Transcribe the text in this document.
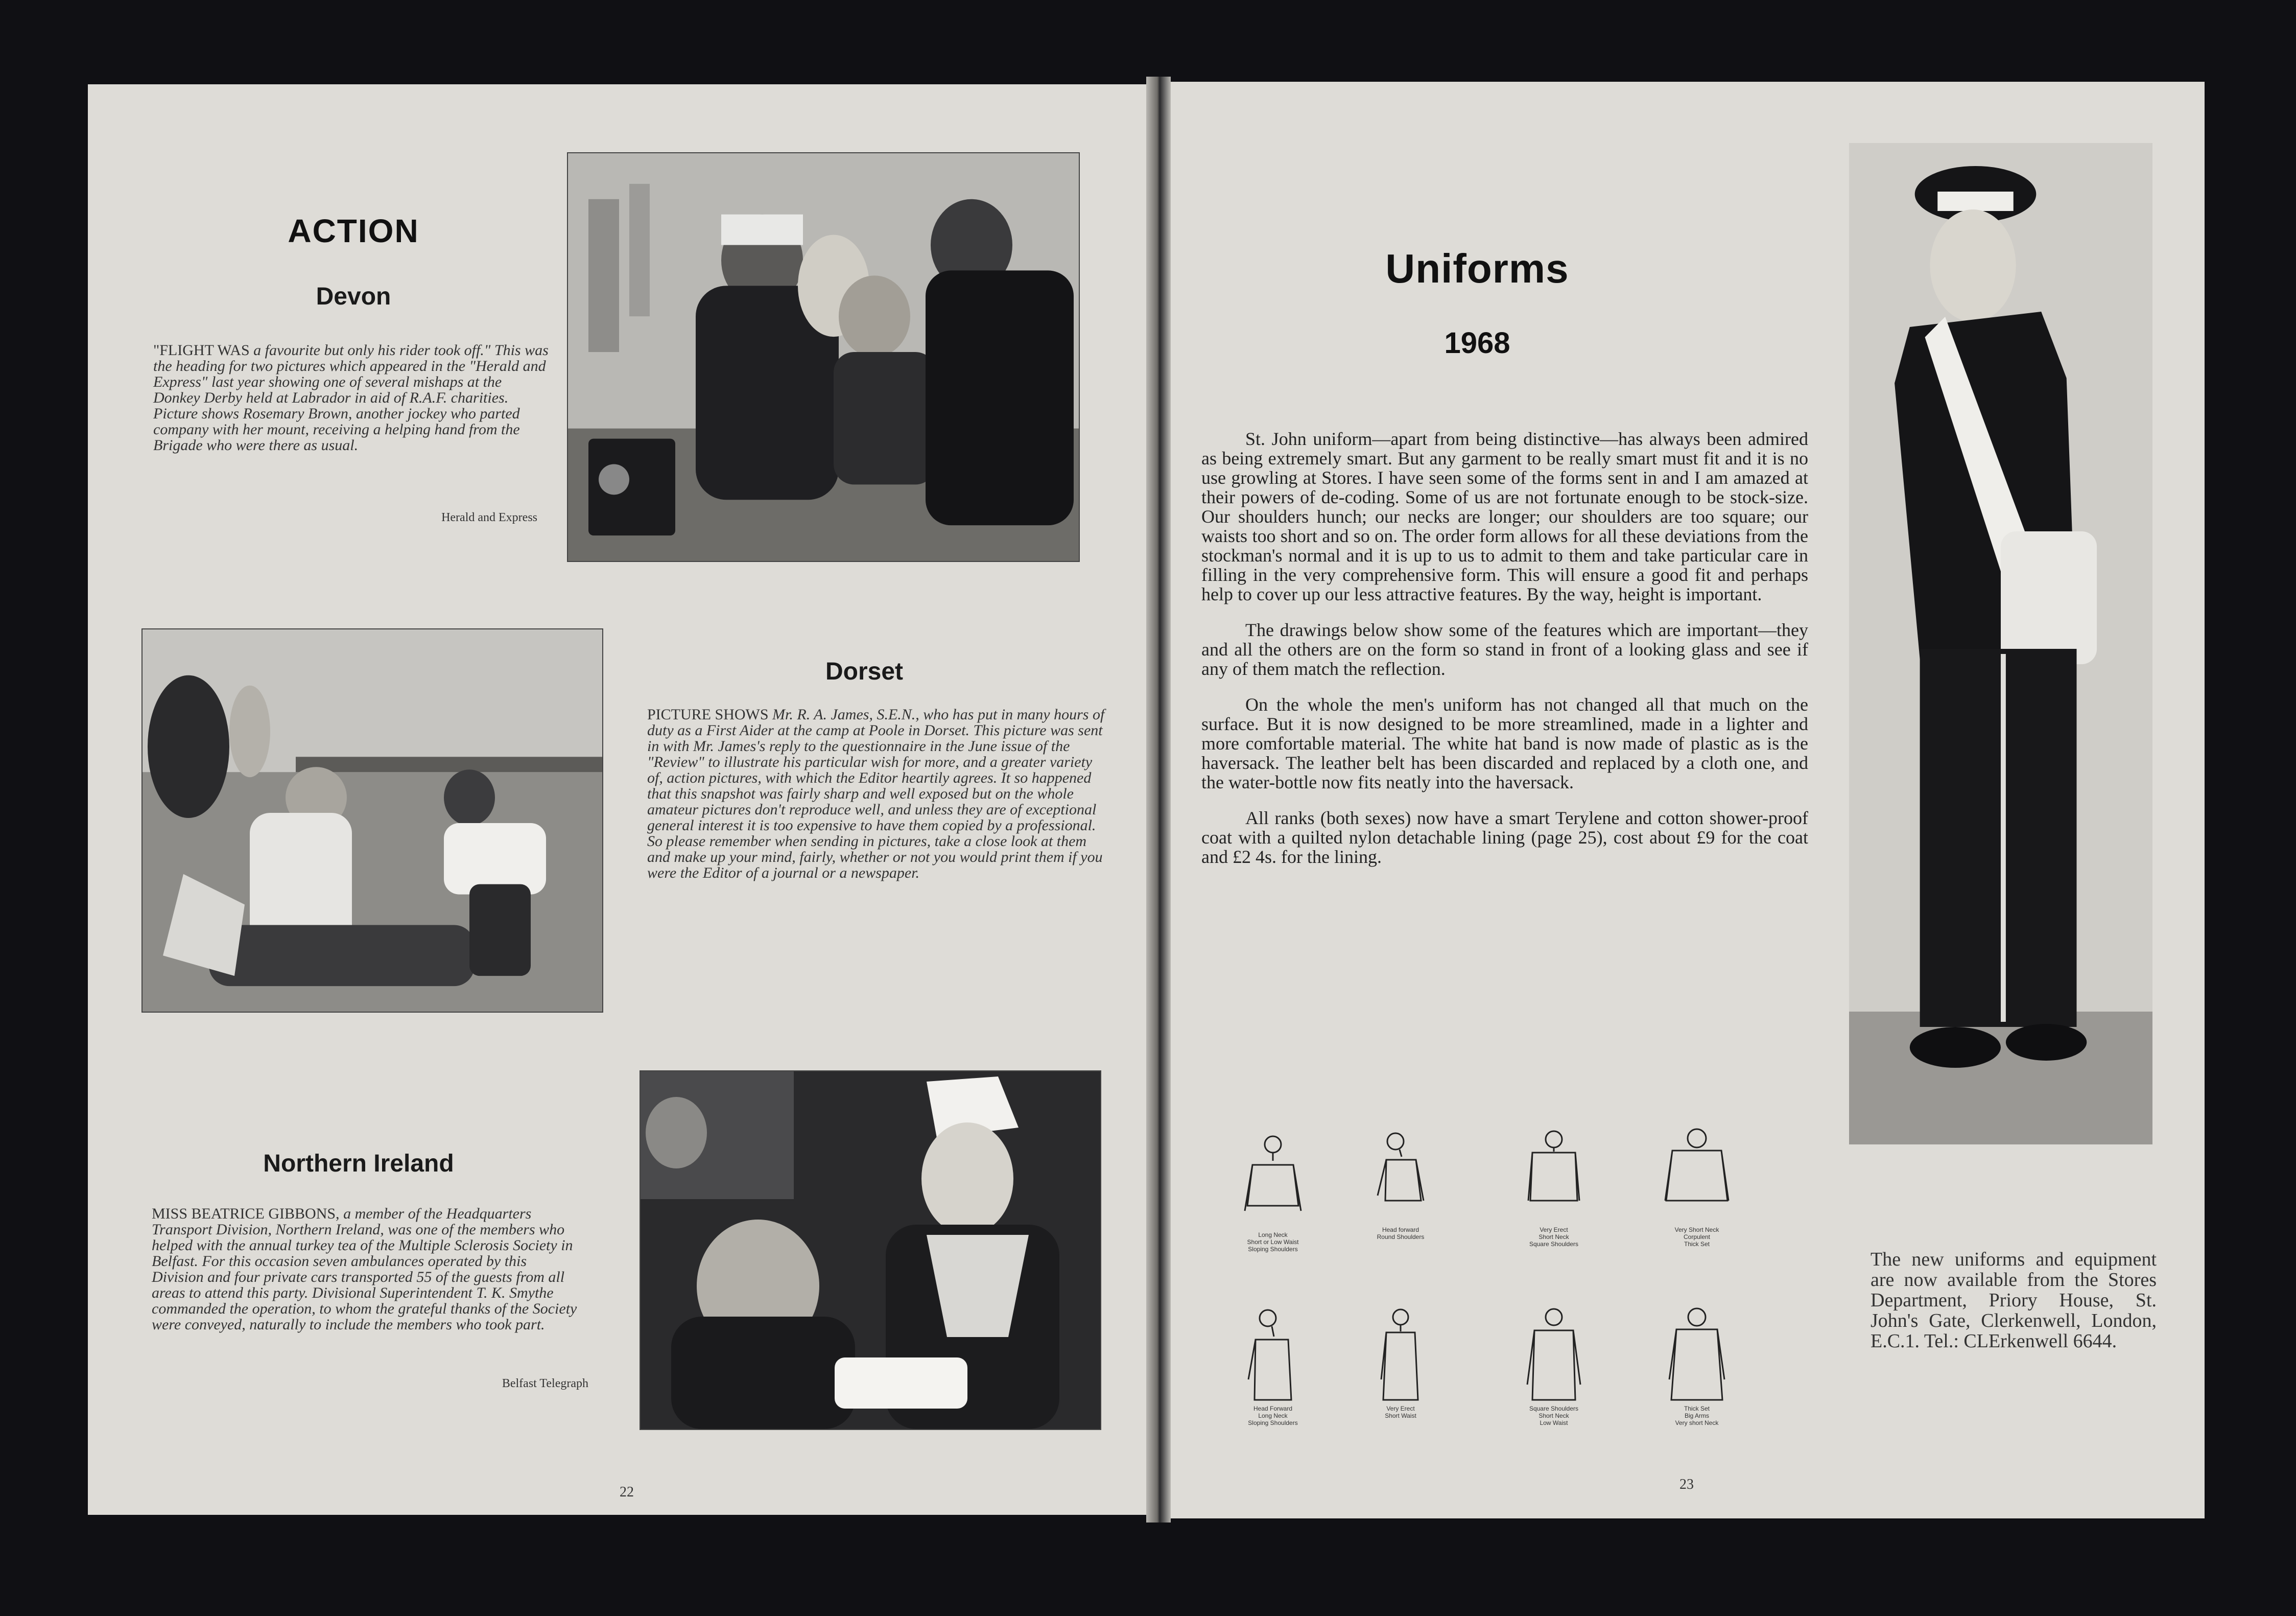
ACTION
Devon
"FLIGHT WAS a favourite but only his rider took off." This was the heading for two pictures which appeared in the "Herald and Express" last year showing one of several mishaps at the Donkey Derby held at Labrador in aid of R.A.F. charities. Picture shows Rosemary Brown, another jockey who parted company with her mount, receiving a helping hand from the Brigade who were there as usual.
Herald and Express
Dorset
PICTURE SHOWS Mr. R. A. James, S.E.N., who has put in many hours of duty as a First Aider at the camp at Poole in Dorset. This picture was sent in with Mr. James's reply to the questionnaire in the June issue of the "Review" to illustrate his particular wish for more, and a greater variety of, action pictures, with which the Editor heartily agrees. It so happened that this snapshot was fairly sharp and well exposed but on the whole amateur pictures don't reproduce well, and unless they are of exceptional general interest it is too expensive to have them copied by a professional. So please remember when sending in pictures, take a close look at them and make up your mind, fairly, whether or not you would print them if you were the Editor of a journal or a newspaper.
Northern Ireland
MISS BEATRICE GIBBONS, a member of the Headquarters Transport Division, Northern Ireland, was one of the members who helped with the annual turkey tea of the Multiple Sclerosis Society in Belfast. For this occasion seven ambulances operated by this Division and four private cars transported 55 of the guests from all areas to attend this party. Divisional Superintendent T. K. Smythe commanded the operation, to whom the grateful thanks of the Society were conveyed, naturally to include the members who took part.
Belfast Telegraph
22
Uniforms
1968

St. John uniform—apart from being distinctive—has always been admired as being extremely smart. But any garment to be really smart must fit and it is no use growling at Stores. I have seen some of the forms sent in and I am amazed at their powers of de-coding. Some of us are not fortunate enough to be stock-size. Our shoulders hunch; our necks are longer; our shoulders are too square; our waists too short and so on. The order form allows for all these deviations from the stockman's normal and it is up to us to admit to them and take particular care in filling in the very comprehensive form. This will ensure a good fit and perhaps help to cover up our less attractive features. By the way, height is important.

The drawings below show some of the features which are important—they and all the others are on the form so stand in front of a looking glass and see if any of them match the reflection.

On the whole the men's uniform has not changed all that much on the surface. But it is now designed to be more streamlined, made in a lighter and more comfortable material. The white hat band is now made of plastic as is the haversack. The leather belt has been discarded and replaced by a cloth one, and the water-bottle now fits neatly into the haversack.

All ranks (both sexes) now have a smart Terylene and cotton shower-proof coat with a quilted nylon detachable lining (page 25), cost about £9 for the coat and £2 4s. for the lining.

Long Neck
Short or Low Waist
Sloping Shoulders
Head forward
Round Shoulders
Very Erect
Short Neck
Square Shoulders
Very Short Neck
Corpulent
Thick Set
Head Forward
Long Neck
Sloping Shoulders
Very Erect
Short Waist
Square Shoulders
Short Neck
Low Waist
Thick Set
Big Arms
Very short Neck
The new uniforms and equipment are now available from the Stores Department, Priory House, St. John's Gate, Clerkenwell, London, E.C.1. Tel.: CLErkenwell 6644.
23
